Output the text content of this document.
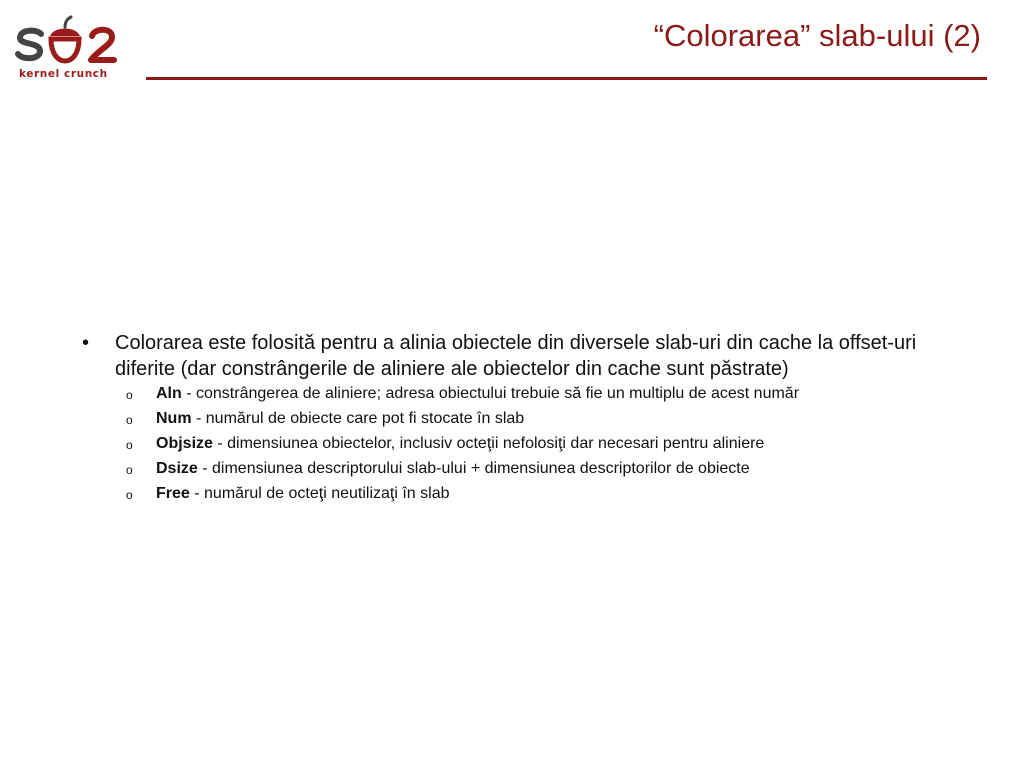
kernel crunch
“Colorarea” slab-ului (2)
•	Colorarea este folosită pentru a alinia obiectele din diversele slab-uri din cache la offset-uri diferite (dar constrângerile de aliniere ale obiectelor din cache sunt păstrate)
o	Aln - constrângerea de aliniere; adresa obiectului trebuie să fie un multiplu de acest număr
o	Num - numărul de obiecte care pot fi stocate în slab
o	Objsize - dimensiunea obiectelor, inclusiv octeţii nefolosiţi dar necesari pentru aliniere
o	Dsize - dimensiunea descriptorului slab-ului + dimensiunea descriptorilor de obiecte
o	Free - numărul de octeţi neutilizaţi în slab
